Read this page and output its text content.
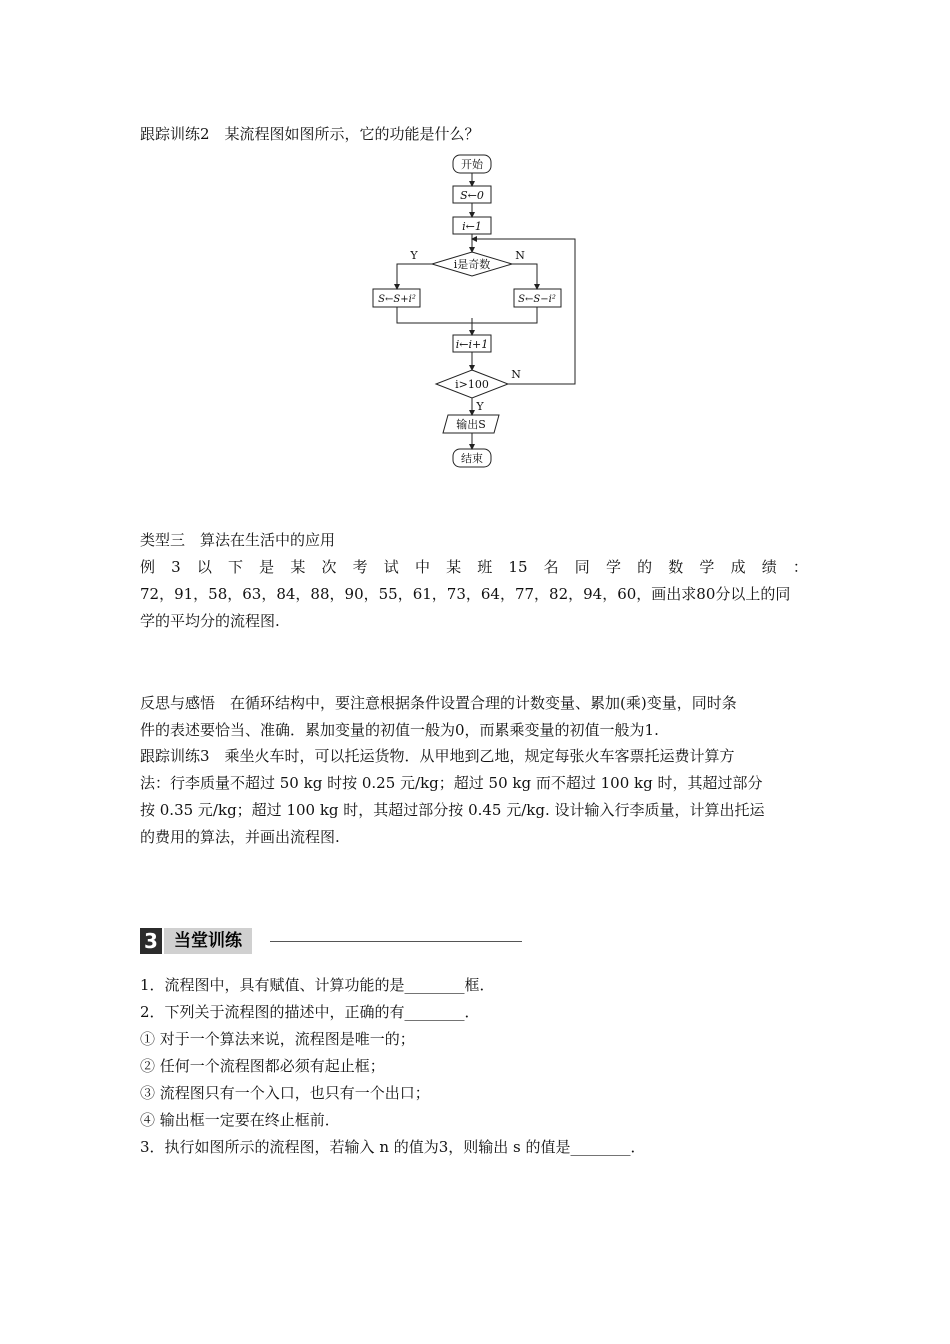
跟踪训练2　某流程图如图所示，它的功能是什么？
开始
S←0
i←1
i是奇数
Y	N
S←S+i²	S←S−i²
i←i+1
i>100
N
Y
输出S
结束
类型三　算法在生活中的应用
例 3 以 下 是 某 次 考 试 中 某 班 15 名 同 学 的 数 学 成 绩 ：
72，91，58，63，84，88，90，55，61，73，64，77，82，94，60，画出求80分以上的同
学的平均分的流程图.
反思与感悟　在循环结构中，要注意根据条件设置合理的计数变量、累加(乘)变量，同时条
件的表述要恰当、准确．累加变量的初值一般为0，而累乘变量的初值一般为1.
跟踪训练3　乘坐火车时，可以托运货物．从甲地到乙地，规定每张火车客票托运费计算方
法：行李质量不超过 50 kg 时按 0.25 元/kg；超过 50 kg 而不超过 100 kg 时，其超过部分
按 0.35 元/kg；超过 100 kg 时，其超过部分按 0.45 元/kg. 设计输入行李质量，计算出托运
的费用的算法，并画出流程图.
3 当堂训练
1．流程图中，具有赋值、计算功能的是________框．
2．下列关于流程图的描述中，正确的有________．
① 对于一个算法来说，流程图是唯一的；
② 任何一个流程图都必须有起止框；
③ 流程图只有一个入口，也只有一个出口；
④ 输出框一定要在终止框前．
3．执行如图所示的流程图，若输入 n 的值为3，则输出 s 的值是________．
